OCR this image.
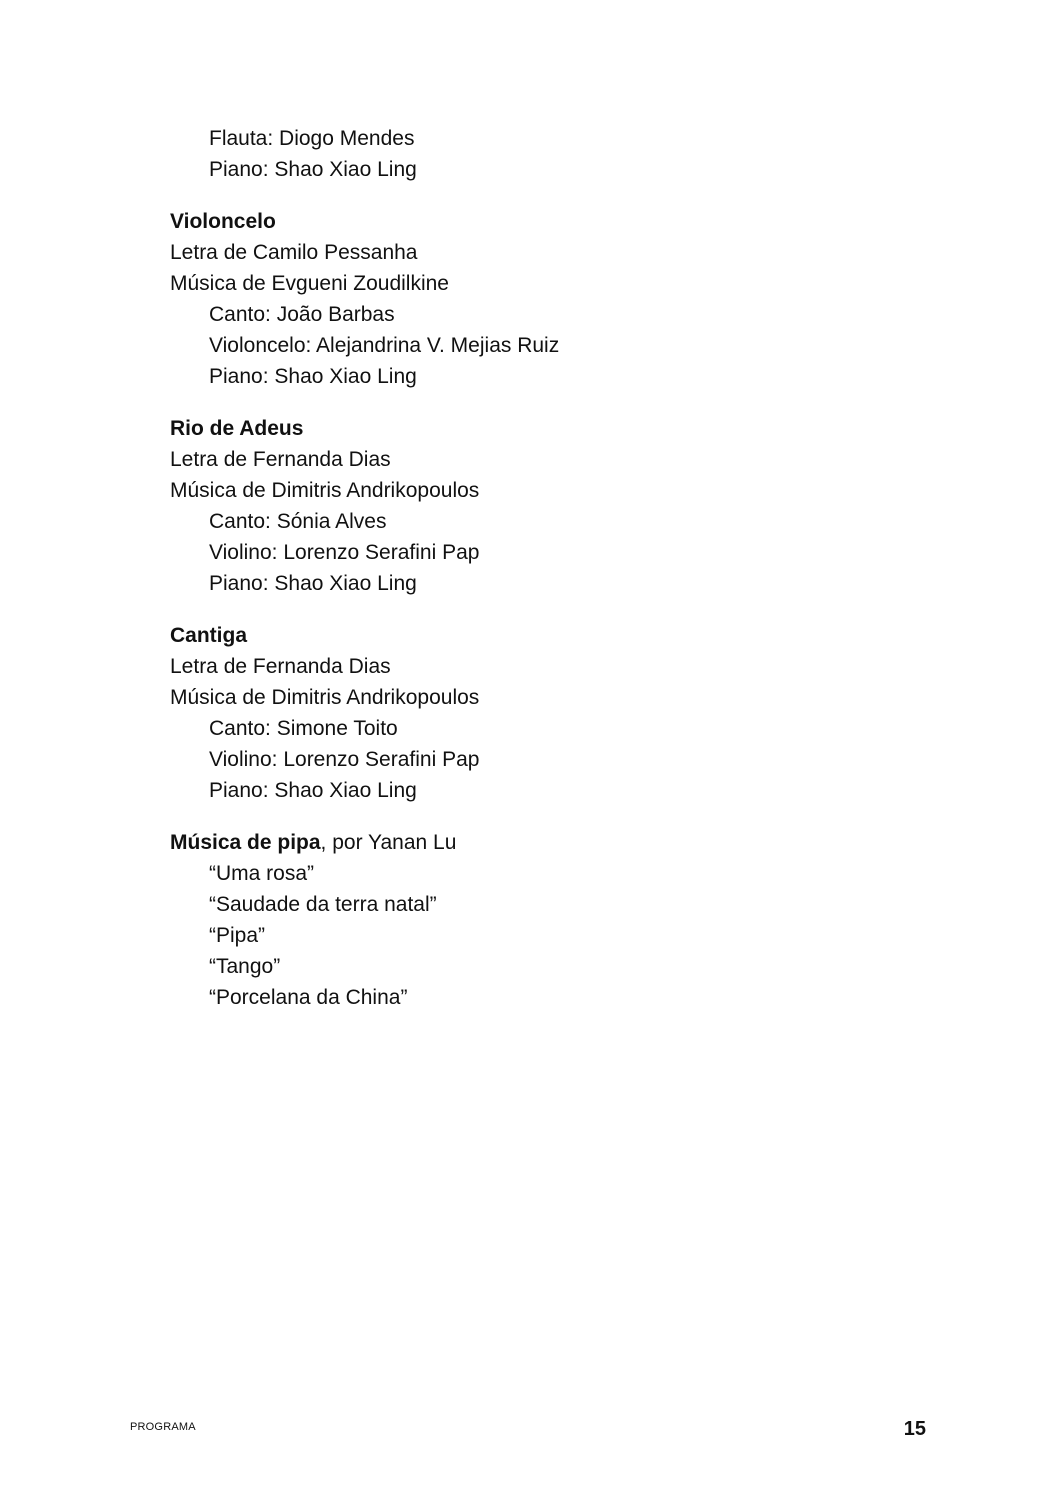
Flauta: Diogo Mendes
Piano: Shao Xiao Ling
Violoncelo
Letra de Camilo Pessanha
Música de Evgueni Zoudilkine
Canto: João Barbas
Violoncelo: Alejandrina V. Mejias Ruiz
Piano: Shao Xiao Ling
Rio de Adeus
Letra de Fernanda Dias
Música de Dimitris Andrikopoulos
Canto: Sónia Alves
Violino: Lorenzo Serafini Pap
Piano: Shao Xiao Ling
Cantiga
Letra de Fernanda Dias
Música de Dimitris Andrikopoulos
Canto: Simone Toito
Violino: Lorenzo Serafini Pap
Piano: Shao Xiao Ling
Música de pipa, por Yanan Lu
“Uma rosa”
“Saudade da terra natal”
“Pipa”
“Tango”
“Porcelana da China”
PROGRAMA	15
